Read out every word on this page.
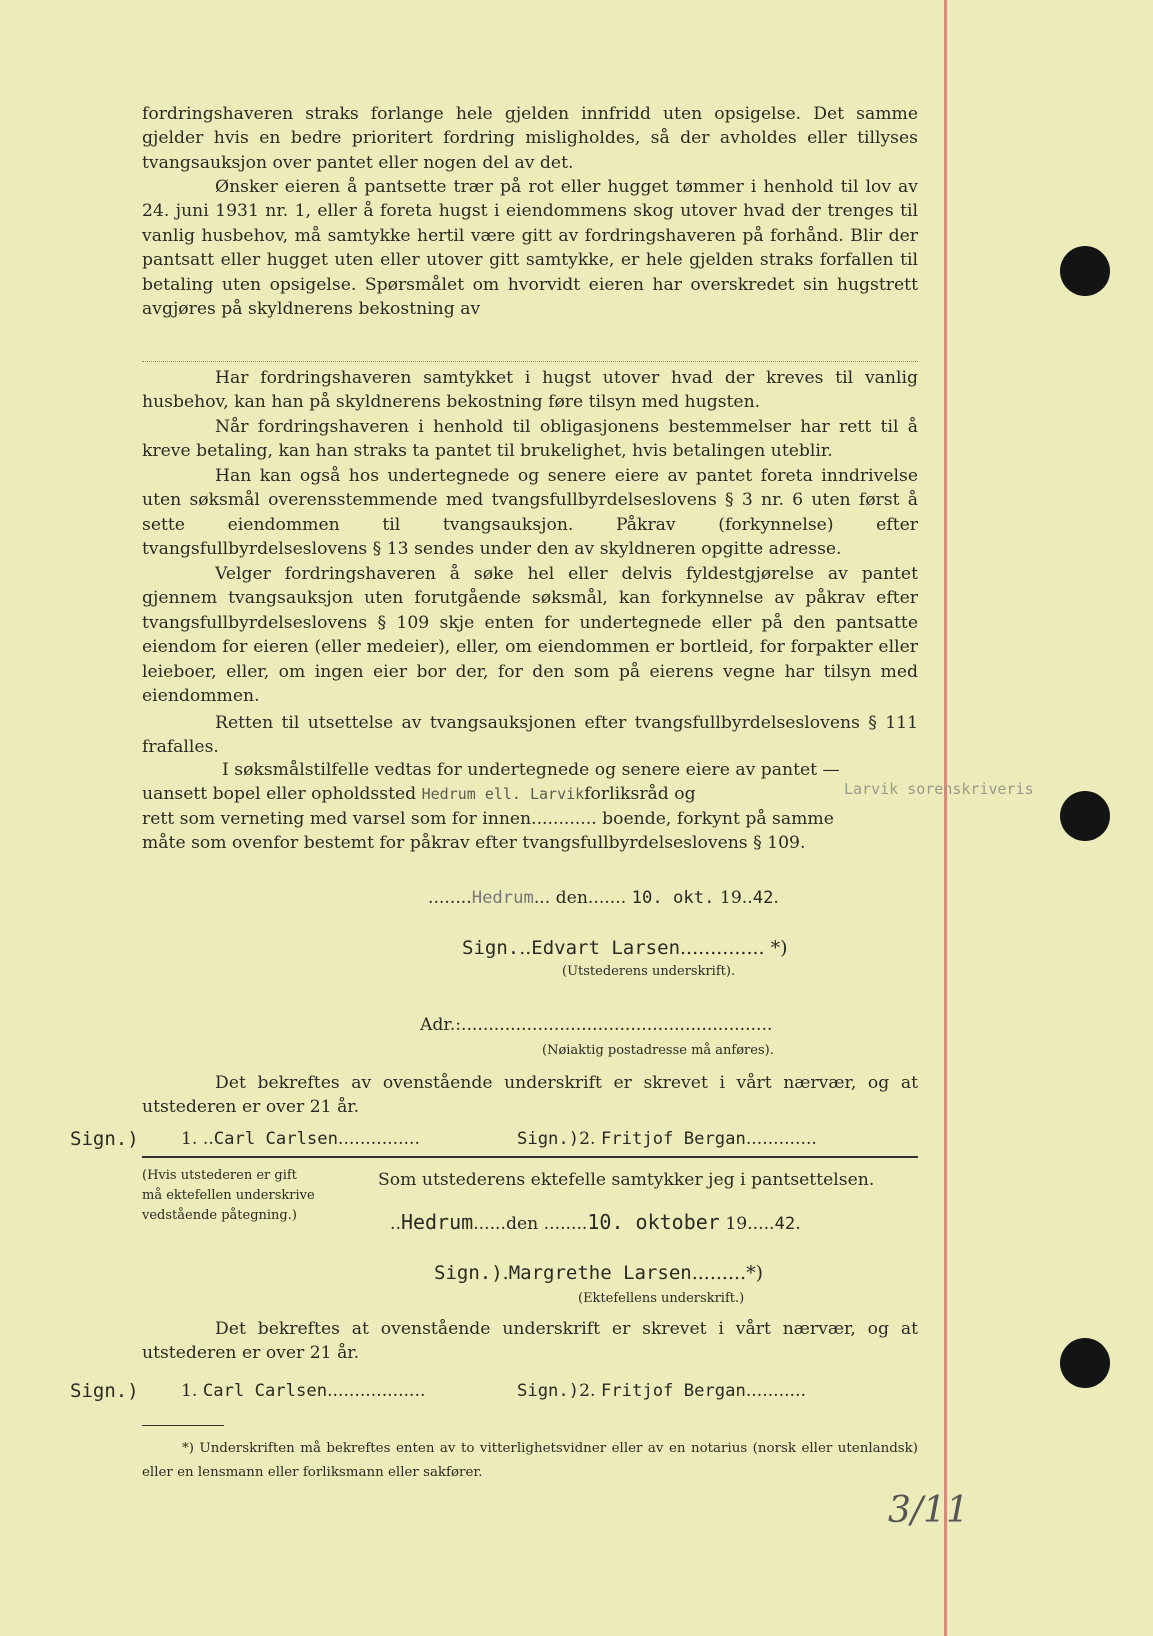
fordringshaveren straks forlange hele gjelden innfridd uten opsigelse. Det samme gjelder hvis en bedre prioritert fordring misligholdes, så der avholdes eller tillyses tvangsauksjon over pantet eller nogen del av det.

Ønsker eieren å pantsette trær på rot eller hugget tømmer i henhold til lov av 24. juni 1931 nr. 1, eller å foreta hugst i eiendommens skog utover hvad der trenges til vanlig husbehov, må samtykke hertil være gitt av fordringshaveren på forhånd. Blir der pantsatt eller hugget uten eller utover gitt samtykke, er hele gjelden straks forfallen til betaling uten opsigelse. Spørsmålet om hvorvidt eieren har overskredet sin hugstrett avgjøres på skyldnerens bekostning av

Har fordringshaveren samtykket i hugst utover hvad der kreves til vanlig husbehov, kan han på skyldnerens bekostning føre tilsyn med hugsten.

Når fordringshaveren i henhold til obligasjonens bestemmelser har rett til å kreve betaling, kan han straks ta pantet til brukelighet, hvis betalingen uteblir.

Han kan også hos undertegnede og senere eiere av pantet foreta inndrivelse uten søksmål overensstemmende med tvangsfullbyrdelseslovens § 3 nr. 6 uten først å sette eiendommen til tvangsauksjon. Påkrav (forkynnelse) efter tvangsfullbyrdelseslovens § 13 sendes under den av skyldneren opgitte adresse.

Velger fordringshaveren å søke hel eller delvis fyldestgjørelse av pantet gjennem tvangsauksjon uten forutgående søksmål, kan forkynnelse av påkrav efter tvangsfullbyrdelseslovens § 109 skje enten for undertegnede eller på den pantsatte eiendom for eieren (eller medeier), eller, om eiendommen er bortleid, for forpakter eller leieboer, eller, om ingen eier bor der, for den som på eierens vegne har tilsyn med eiendommen.

Retten til utsettelse av tvangsauksjonen efter tvangsfullbyrdelseslovens § 111 frafalles.

I søksmålstilfelle vedtas for undertegnede og senere eiere av pantet —
uansett bopel eller opholdssted Hedrum ell. Larvikforliksråd og	Larvik sorenskriveris
rett som verneting med varsel som for innen............ boende, forkynt på samme
måte som ovenfor bestemt for påkrav efter tvangsfullbyrdelseslovens § 109.
........Hedrum... den....... 10. okt. 19..42.
Sign...Edvart Larsen.............. *)
(Utstederens underskrift).
Adr.:.........................................................
(Nøiaktig postadresse må anføres).

Det bekreftes av ovenstående underskrift er skrevet i vårt nærvær, og at utstederen er over 21 år.

Sign.) 1. ..Carl Carlsen...............	Sign.)2. Fritjof Bergan.............
(Hvis utstederen er gift
må ektefellen underskrive
vedstående påtegning.)
Som utstederens ektefelle samtykker jeg i pantsettelsen.
..Hedrum......den ........10. oktober 19.....42.
Sign.).Margrethe Larsen.........*)
(Ektefellens underskrift.)

Det bekreftes at ovenstående underskrift er skrevet i vårt nærvær, og at utstederen er over 21 år.

Sign.) 1. Carl Carlsen..................	Sign.)2. Fritjof Bergan...........

*) Underskriften må bekreftes enten av to vitterlighetsvidner eller av en notarius (norsk eller utenlandsk) eller en lensmann eller forliksmann eller sakfører.

3/11
